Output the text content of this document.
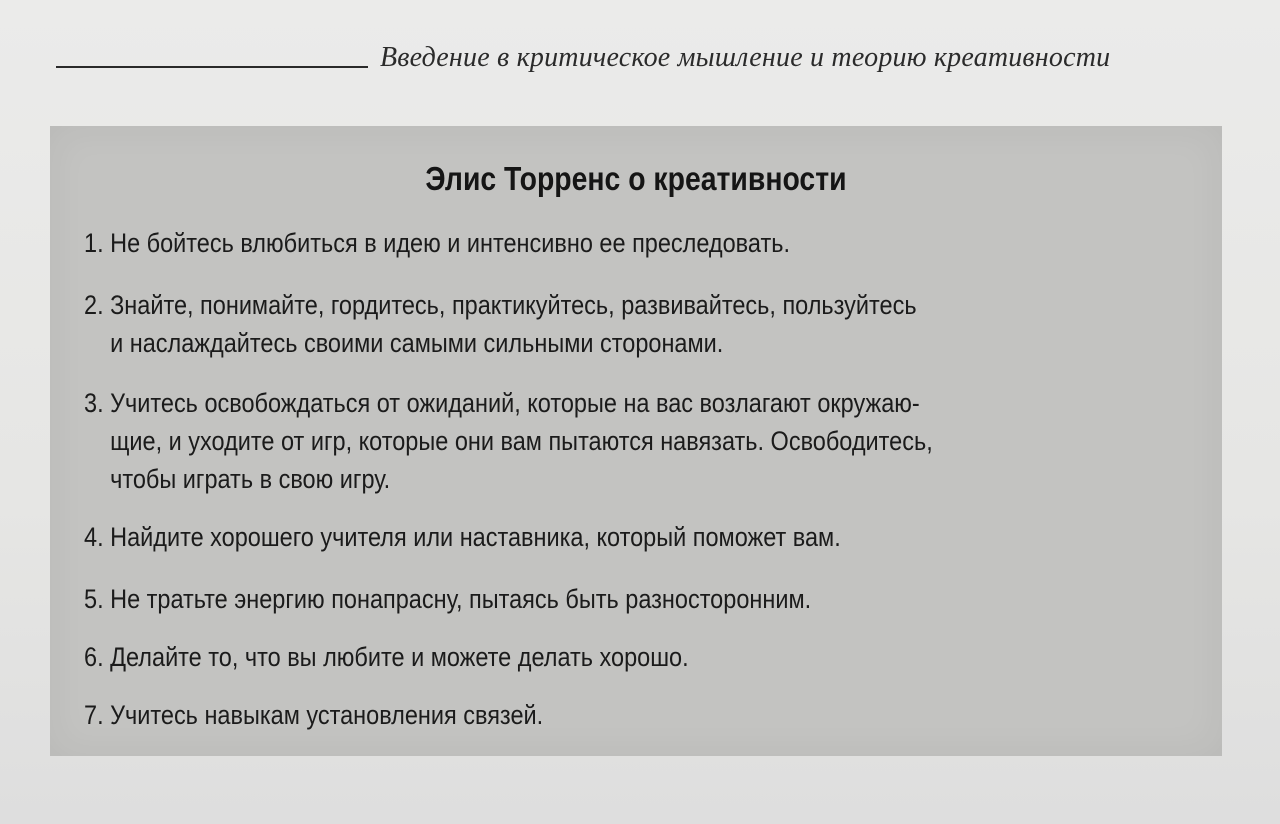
Введение в критическое мышление и теорию креативности
Элис Торренс о креативности
1. Не бойтесь влюбиться в идею и интенсивно ее преследовать.
2. Знайте, понимайте, гордитесь, практикуйтесь, развивайтесь, пользуйтесь
и наслаждайтесь своими самыми сильными сторонами.
3. Учитесь освобождаться от ожиданий, которые на вас возлагают окружаю-
щие, и уходите от игр, которые они вам пытаются навязать. Освободитесь,
чтобы играть в свою игру.
4. Найдите хорошего учителя или наставника, который поможет вам.
5. Не тратьте энергию понапрасну, пытаясь быть разносторонним.
6. Делайте то, что вы любите и можете делать хорошо.
7. Учитесь навыкам установления связей.
